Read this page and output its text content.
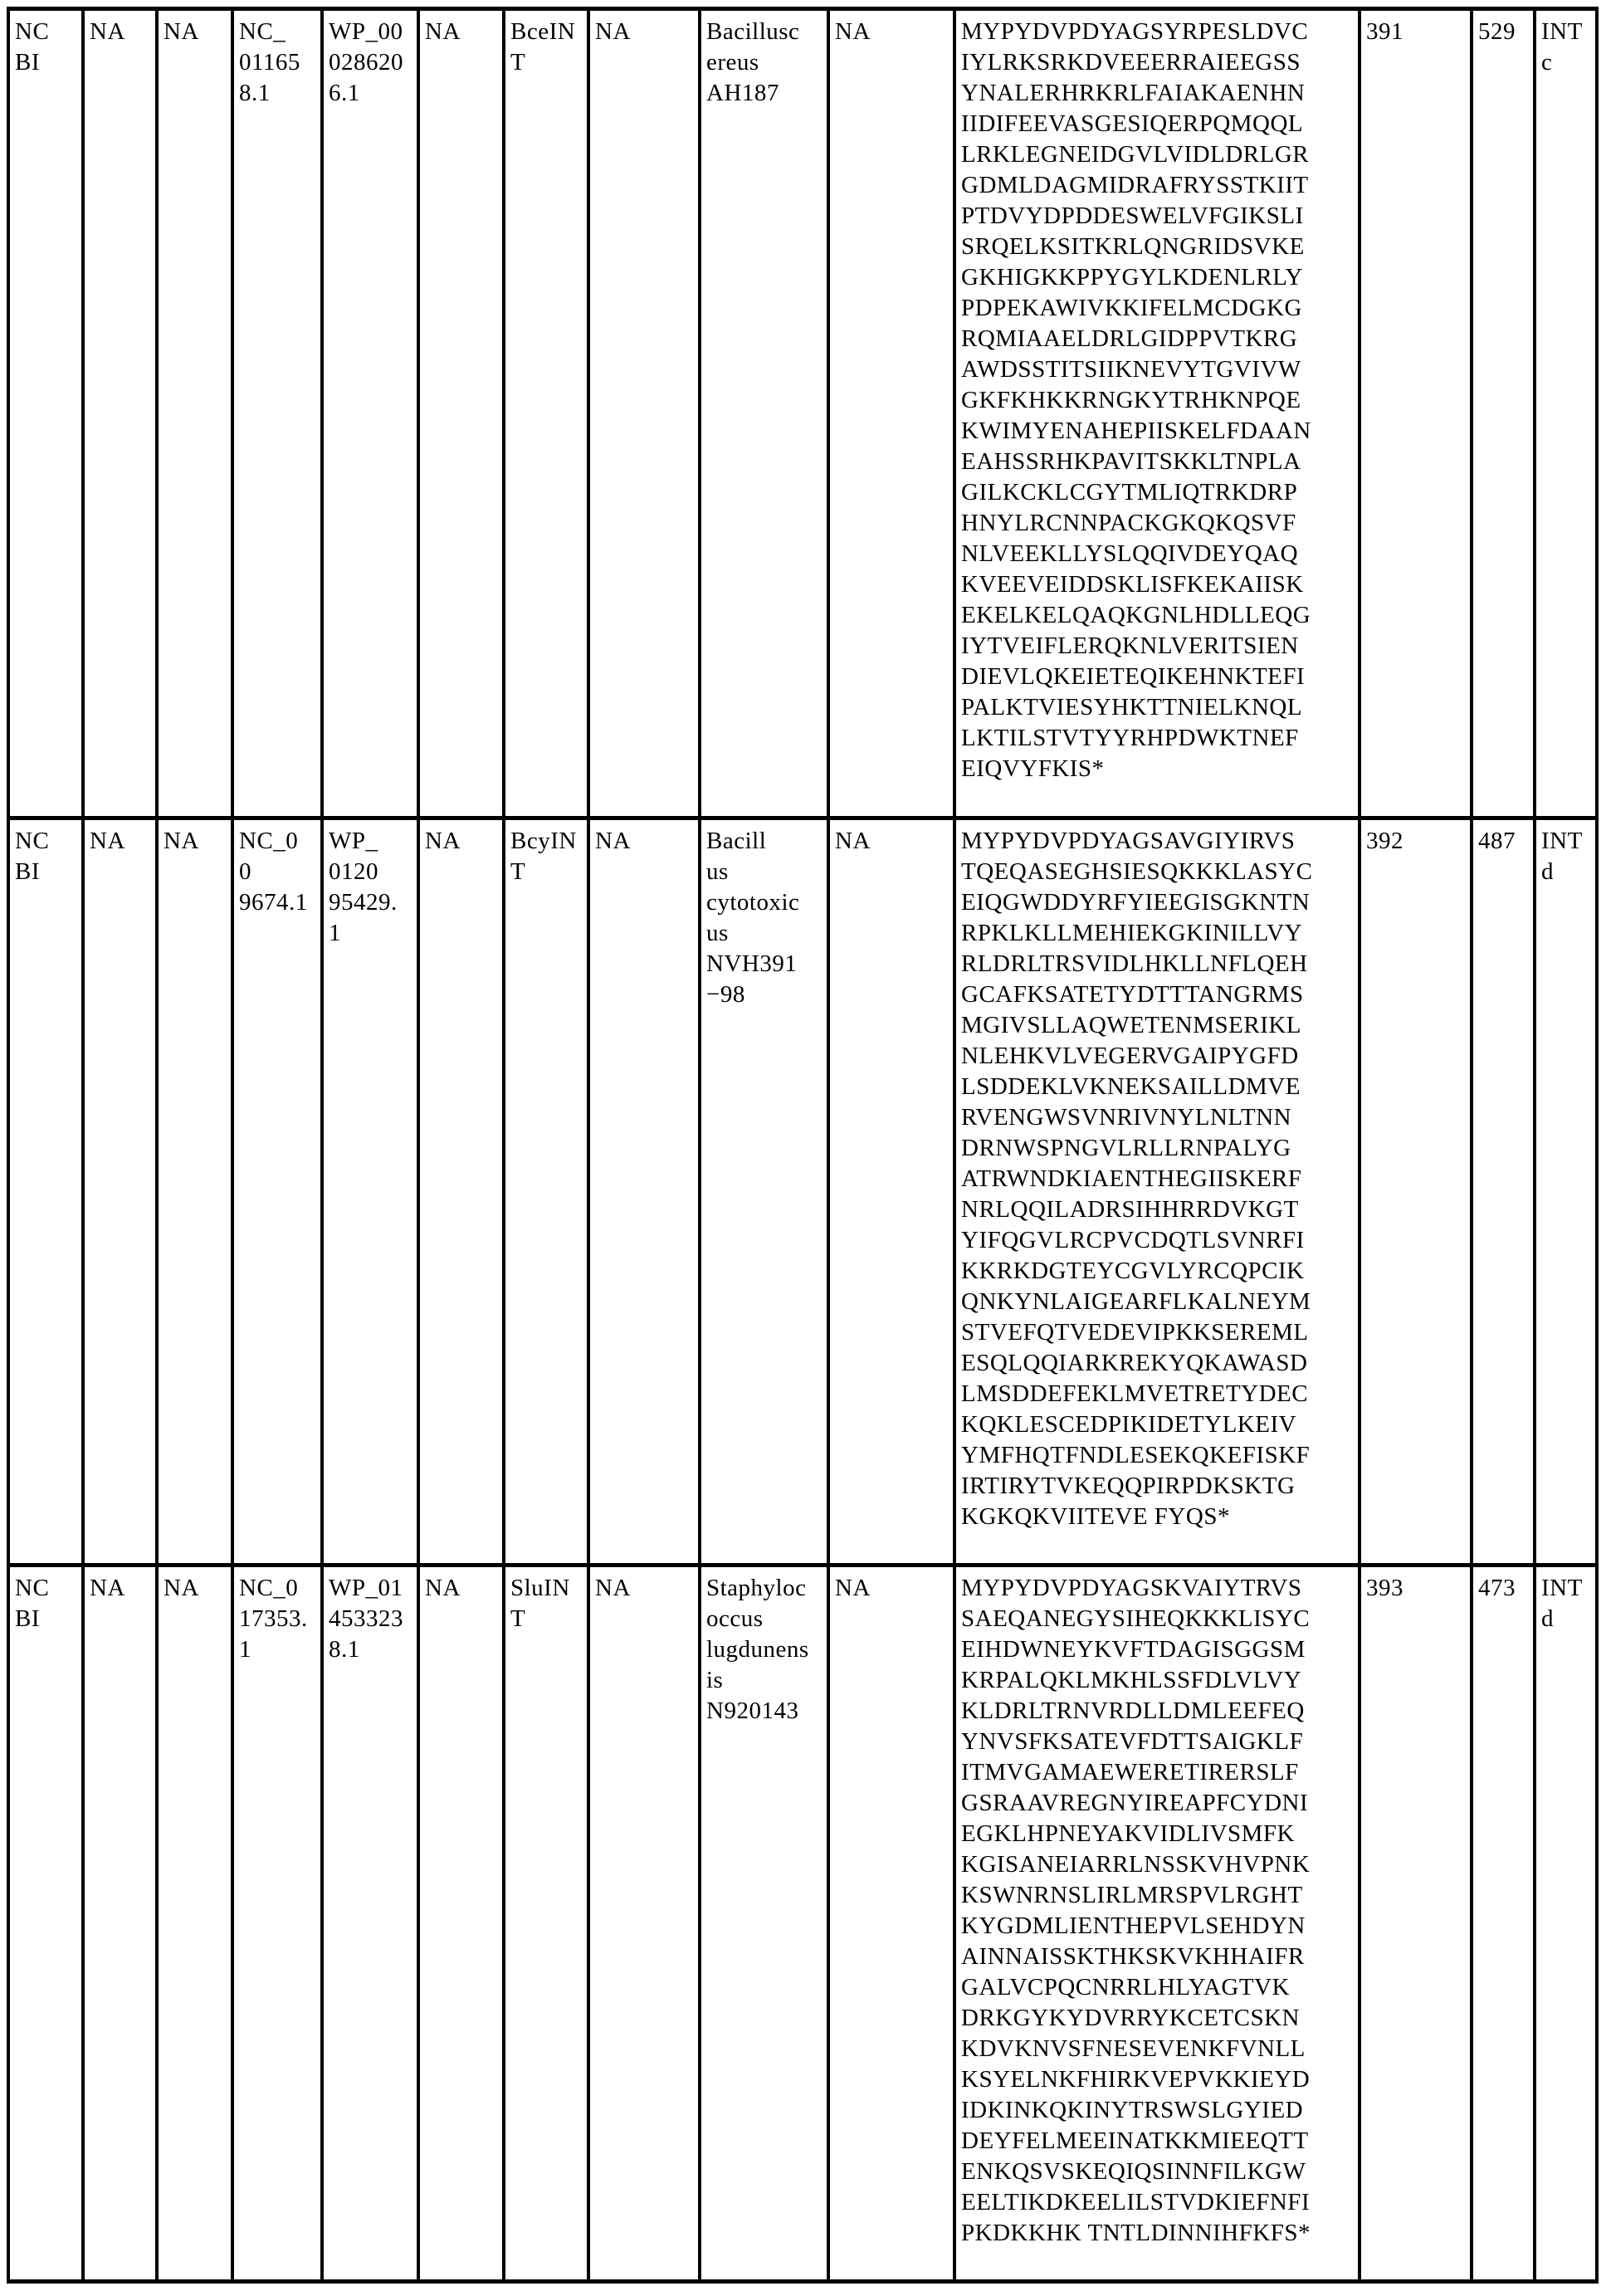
NC
BI	NA	NA	NC_
01165
8.1	WP_00
028620
6.1	NA	BceIN
T	NA	Bacillusc
ereus
AH187	NA	MYPYDVPDYAGSYRPESLDVC
IYLRKSRKDVEEERRAIEEGSS
YNALERHRKRLFAIAKAENHN
IIDIFEEVASGESIQERPQMQQL
LRKLEGNEIDGVLVIDLDRLGR
GDMLDAGMIDRAFRYSSTKIIT
PTDVYDPDDESWELVFGIKSLI
SRQELKSITKRLQNGRIDSVKE
GKHIGKKPPYGYLKDENLRLY
PDPEKAWIVKKIFELMCDGKG
RQMIAAELDRLGIDPPVTKRG
AWDSSTITSIIKNEVYTGVIVW
GKFKHKKRNGKYTRHKNPQE
KWIMYENAHEPIISKELFDAAN
EAHSSRHKPAVITSKKLTNPLA
GILKCKLCGYTMLIQTRKDRP
HNYLRCNNPACKGKQKQSVF
NLVEEKLLYSLQQIVDEYQAQ
KVEEVEIDDSKLISFKEKAIISK
EKELKELQAQKGNLHDLLEQG
IYTVEIFLERQKNLVERITSIEN
DIEVLQKEIETEQIKEHNKTEFI
PALKTVIESYHKTTNIELKNQL
LKTILSTVTYYRHPDWKTNEF
EIQVYFKIS*	391	529	INT
c
NC
BI	NA	NA	NC_0
0
9674.1	WP_
0120
95429.
1	NA	BcyIN
T	NA	Bacill
us
cytotoxic
us
NVH391
−98	NA	MYPYDVPDYAGSAVGIYIRVS
TQEQASEGHSIESQKKKLASYC
EIQGWDDYRFYIEEGISGKNTN
RPKLKLLMEHIEKGKINILLVY
RLDRLTRSVIDLHKLLNFLQEH
GCAFKSATETYDTTTANGRMS
MGIVSLLAQWETENMSERIKL
NLEHKVLVEGERVGAIPYGFD
LSDDEKLVKNEKSAILLDMVE
RVENGWSVNRIVNYLNLTNN
DRNWSPNGVLRLLRNPALYG
ATRWNDKIAENTHEGIISKERF
NRLQQILADRSIHHRRDVKGT
YIFQGVLRCPVCDQTLSVNRFI
KKRKDGTEYCGVLYRCQPCIK
QNKYNLAIGEARFLKALNEYM
STVEFQTVEDEVIPKKSEREML
ESQLQQIARKREKYQKAWASD
LMSDDEFEKLMVETRETYDEC
KQKLESCEDPIKIDETYLKEIV
YMFHQTFNDLESEKQKEFISKF
IRTIRYTVKEQQPIRPDKSKTG
KGKQKVIITEVE FYQS*	392	487	INT
d
NC
BI	NA	NA	NC_0
17353.
1	WP_01
453323
8.1	NA	SluIN
T	NA	Staphyloc
occus
lugdunens
is
N920143	NA	MYPYDVPDYAGSKVAIYTRVS
SAEQANEGYSIHEQKKKLISYC
EIHDWNEYKVFTDAGISGGSM
KRPALQKLMKHLSSFDLVLVY
KLDRLTRNVRDLLDMLEEFEQ
YNVSFKSATEVFDTTSAIGKLF
ITMVGAMAEWERETIRERSLF
GSRAAVREGNYIREAPFCYDNI
EGKLHPNEYAKVIDLIVSMFK
KGISANEIARRLNSSKVHVPNK
KSWNRNSLIRLMRSPVLRGHT
KYGDMLIENTHEPVLSEHDYN
AINNAISSKTHKSKVKHHAIFR
GALVCPQCNRRLHLYAGTVK
DRKGYKYDVRRYKCETCSKN
KDVKNVSFNESEVENKFVNLL
KSYELNKFHIRKVEPVKKIEYD
IDKINKQKINYTRSWSLGYIED
DEYFELMEEINATKKMIEEQTT
ENKQSVSKEQIQSINNFILKGW
EELTIKDKEELILSTVDKIEFNFI
PKDKKHK TNTLDINNIHFKFS*	393	473	INT
d
